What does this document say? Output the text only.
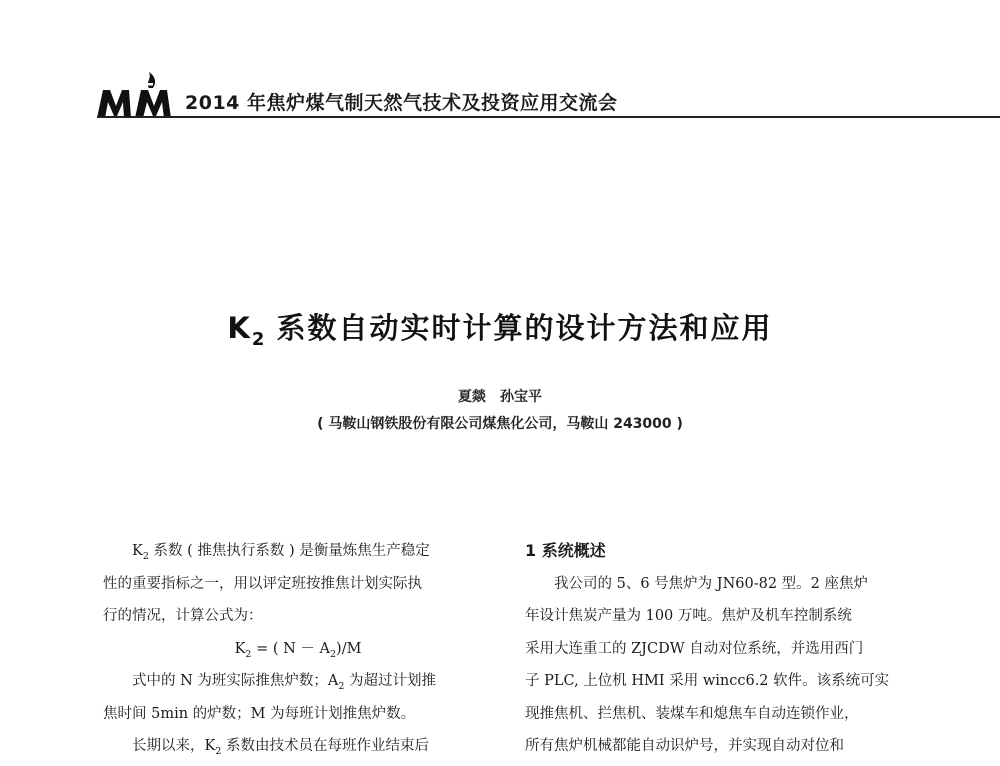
2014 年焦炉煤气制天然气技术及投资应用交流会
$K_2$ 系数自动实时计算的设计方法和应用
夏燚 孙宝平
( 马鞍山钢铁股份有限公司煤焦化公司，马鞍山 243000 )
　　$K_2$ 系数 ( 推焦执行系数 ) 是衡量炼焦生产稳定
性的重要指标之一，用以评定班按推焦计划实际执
行的情况，计算公式为：
$K_2$ = ( $N - A_2)/M$
　　式中的 N 为班实际推焦炉数；$A_2$ 为超过计划推
焦时间 5min 的炉数；M 为每班计划推焦炉数。
　　长期以来，$K_2$ 系数由技术员在每班作业结束后
1 系统概述
　　我公司的 5、6 号焦炉为 JN60-82 型。2 座焦炉
年设计焦炭产量为 100 万吨。焦炉及机车控制系统
采用大连重工的 ZJCDW 自动对位系统，并选用西门
子 PLC, 上位机 HMI 采用 wincc6.2 软件。该系统可实
现推焦机、拦焦机、装煤车和熄焦车自动连锁作业，
所有焦炉机械都能自动识炉号，并实现自动对位和
